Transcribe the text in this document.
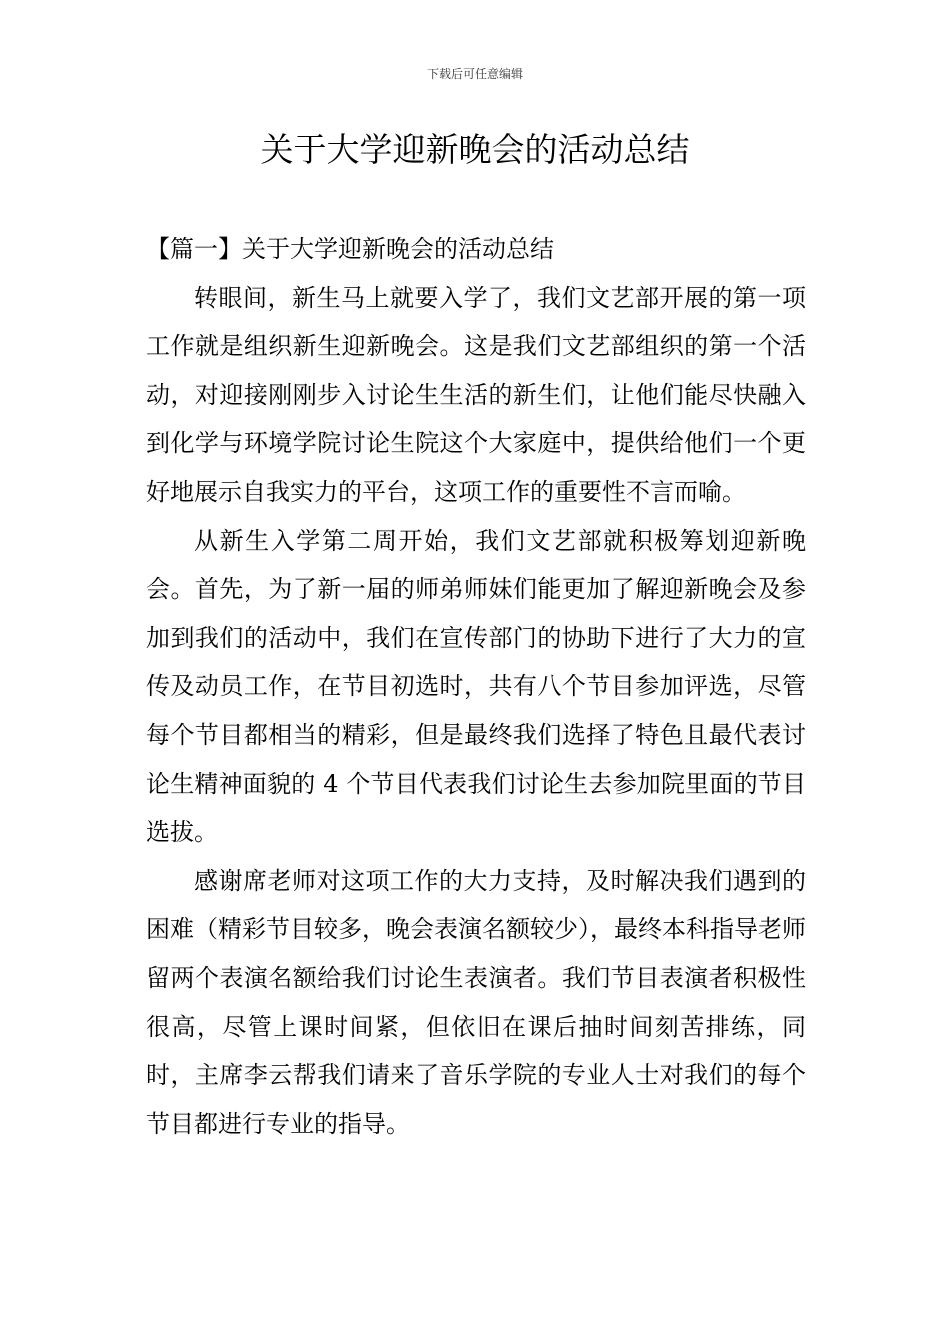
下载后可任意编辑
关于大学迎新晚会的活动总结

【篇一】关于大学迎新晚会的活动总结

转眼间，新生马上就要入学了，我们文艺部开展的第一项工作就是组织新生迎新晚会。这是我们文艺部组织的第一个活动，对迎接刚刚步入讨论生生活的新生们，让他们能尽快融入到化学与环境学院讨论生院这个大家庭中，提供给他们一个更好地展示自我实力的平台，这项工作的重要性不言而喻。

从新生入学第二周开始，我们文艺部就积极筹划迎新晚会。首先，为了新一届的师弟师妹们能更加了解迎新晚会及参加到我们的活动中，我们在宣传部门的协助下进行了大力的宣传及动员工作，在节目初选时，共有八个节目参加评选，尽管每个节目都相当的精彩，但是最终我们选择了特色且最代表讨论生精神面貌的 4 个节目代表我们讨论生去参加院里面的节目选拔。

感谢席老师对这项工作的大力支持，及时解决我们遇到的困难（精彩节目较多，晚会表演名额较少），最终本科指导老师留两个表演名额给我们讨论生表演者。我们节目表演者积极性很高，尽管上课时间紧，但依旧在课后抽时间刻苦排练，同时，主席李云帮我们请来了音乐学院的专业人士对我们的每个节目都进行专业的指导。
